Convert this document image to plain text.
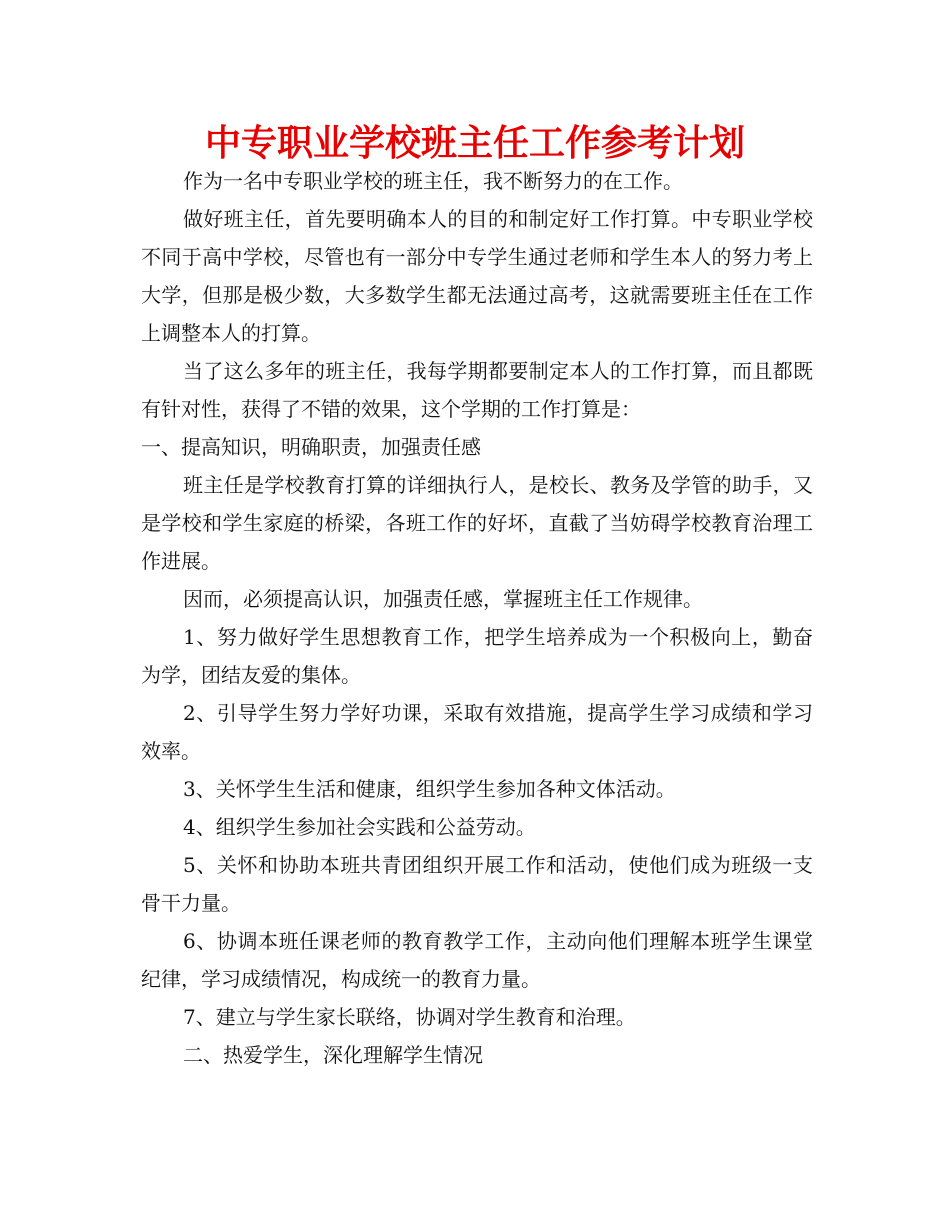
中专职业学校班主任工作参考计划

作为一名中专职业学校的班主任，我不断努力的在工作。

做好班主任，首先要明确本人的目的和制定好工作打算。中专职业学校不同于高中学校，尽管也有一部分中专学生通过老师和学生本人的努力考上大学，但那是极少数，大多数学生都无法通过高考，这就需要班主任在工作上调整本人的打算。

当了这么多年的班主任，我每学期都要制定本人的工作打算，而且都既有针对性，获得了不错的效果，这个学期的工作打算是：

一、提高知识，明确职责，加强责任感

班主任是学校教育打算的详细执行人，是校长、教务及学管的助手，又是学校和学生家庭的桥梁，各班工作的好坏，直截了当妨碍学校教育治理工作进展。

因而，必须提高认识，加强责任感，掌握班主任工作规律。

1、努力做好学生思想教育工作，把学生培养成为一个积极向上，勤奋为学，团结友爱的集体。

2、引导学生努力学好功课，采取有效措施，提高学生学习成绩和学习效率。

3、关怀学生生活和健康，组织学生参加各种文体活动。

4、组织学生参加社会实践和公益劳动。

5、关怀和协助本班共青团组织开展工作和活动，使他们成为班级一支骨干力量。

6、协调本班任课老师的教育教学工作，主动向他们理解本班学生课堂纪律，学习成绩情况，构成统一的教育力量。

7、建立与学生家长联络，协调对学生教育和治理。

二、热爱学生，深化理解学生情况
